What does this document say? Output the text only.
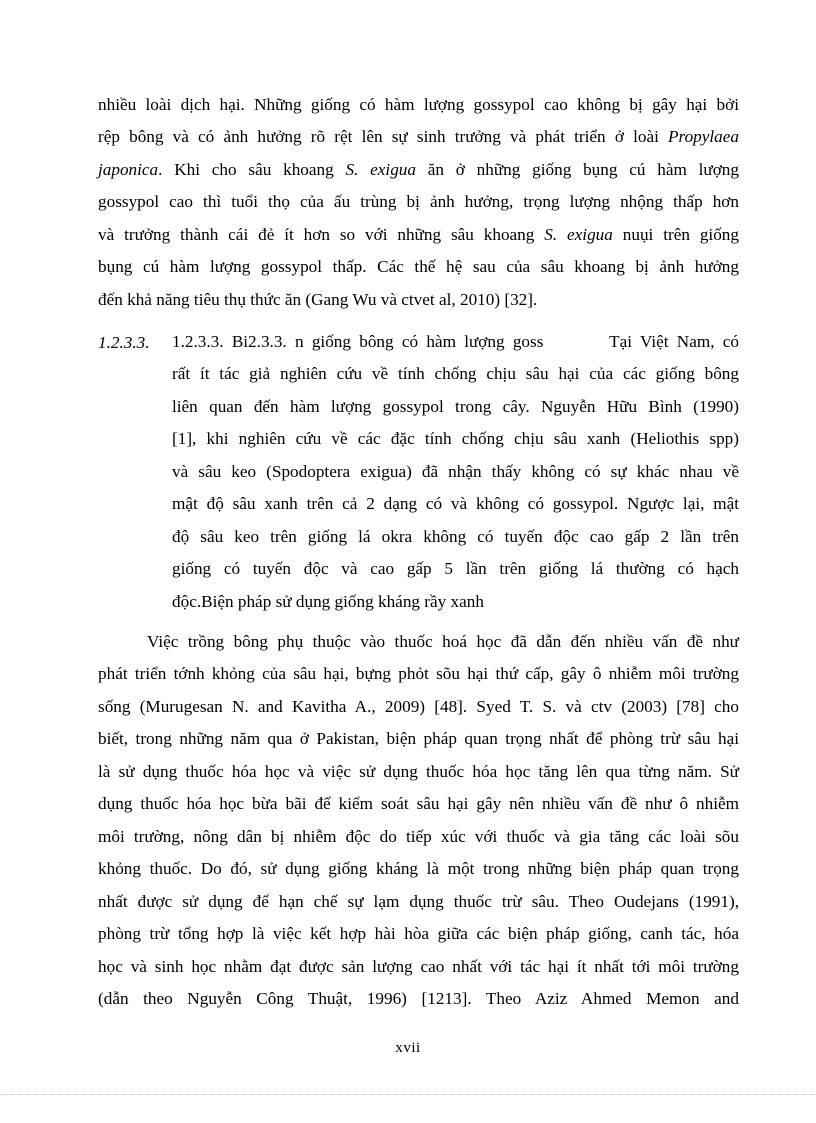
nhiều loài dịch hại. Những giống có hàm lượng gossypol cao không bị gây hại bởi
rệp bông và có ảnh hưởng rõ rệt lên sự sinh trưởng và phát triển ở loài Propylaea
japonica. Khi cho sâu khoang S. exigua ăn ở những giống bụng cú hàm lượng
gossypol cao thì tuổi thọ của ấu trùng bị ảnh hưởng, trọng lượng nhộng thấp hơn
và trưởng thành cái đẻ ít hơn so với những sâu khoang S. exigua nuụi trên giống
bụng cú hàm lượng gossypol thấp. Các thế hệ sau của sâu khoang bị ảnh hưởng
đến khả năng tiêu thụ thức ăn (Gang Wu và ctvet al, 2010) [32].
1.2.3.3. 1.2.3.3. Bi2.3.3. n giống bông có hàm lượng goss        Tại Việt Nam, có
rất ít tác giả nghiên cứu về tính chống chịu sâu hại của các giống bông
liên quan đến hàm lượng gossypol trong cây. Nguyễn Hữu Bình (1990)
[1], khi nghiên cứu về các đặc tính chống chịu sâu xanh (Heliothis spp)
và sâu keo (Spodoptera exigua) đã nhận thấy không có sự khác nhau về
mật độ sâu xanh trên cả 2 dạng có và không có gossypol. Ngược lại, mật
độ sâu keo trên giống lá okra không có tuyến độc cao gấp 2 lần trên
giống có tuyến độc và cao gấp 5 lần trên giống lá thường có hạch
độc.Biện pháp sử dụng giống kháng rầy xanh
Việc trồng bông phụ thuộc vào thuốc hoá học đã dẫn đến nhiều vấn đề như
phát triển tớnh khỏng của sâu hại, bựng phỏt sõu hại thứ cấp, gây ô nhiễm môi trường
sống (Murugesan N. and Kavitha A., 2009) [48]. Syed T. S. và ctv (2003) [78] cho
biết, trong những năm qua ở Pakistan, biện pháp quan trọng nhất để phòng trừ sâu hại
là sử dụng thuốc hóa học và việc sử dụng thuốc hóa học tăng lên qua từng năm. Sử
dụng thuốc hóa học bừa bãi để kiểm soát sâu hại gây nên nhiều vấn đề như ô nhiễm
môi trường, nông dân bị nhiễm độc do tiếp xúc với thuốc và gia tăng các loài sõu
khỏng thuốc. Do đó, sử dụng giống kháng là một trong những biện pháp quan trọng
nhất được sử dụng để hạn chế sự lạm dụng thuốc trừ sâu. Theo Oudejans (1991),
phòng trừ tổng hợp là việc kết hợp hài hòa giữa các biện pháp giống, canh tác, hóa
học và sinh học nhằm đạt được sản lượng cao nhất với tác hại ít nhất tới môi trường
(dẫn theo Nguyễn Công Thuật, 1996) [1213]. Theo Aziz Ahmed Memon and
xvii
